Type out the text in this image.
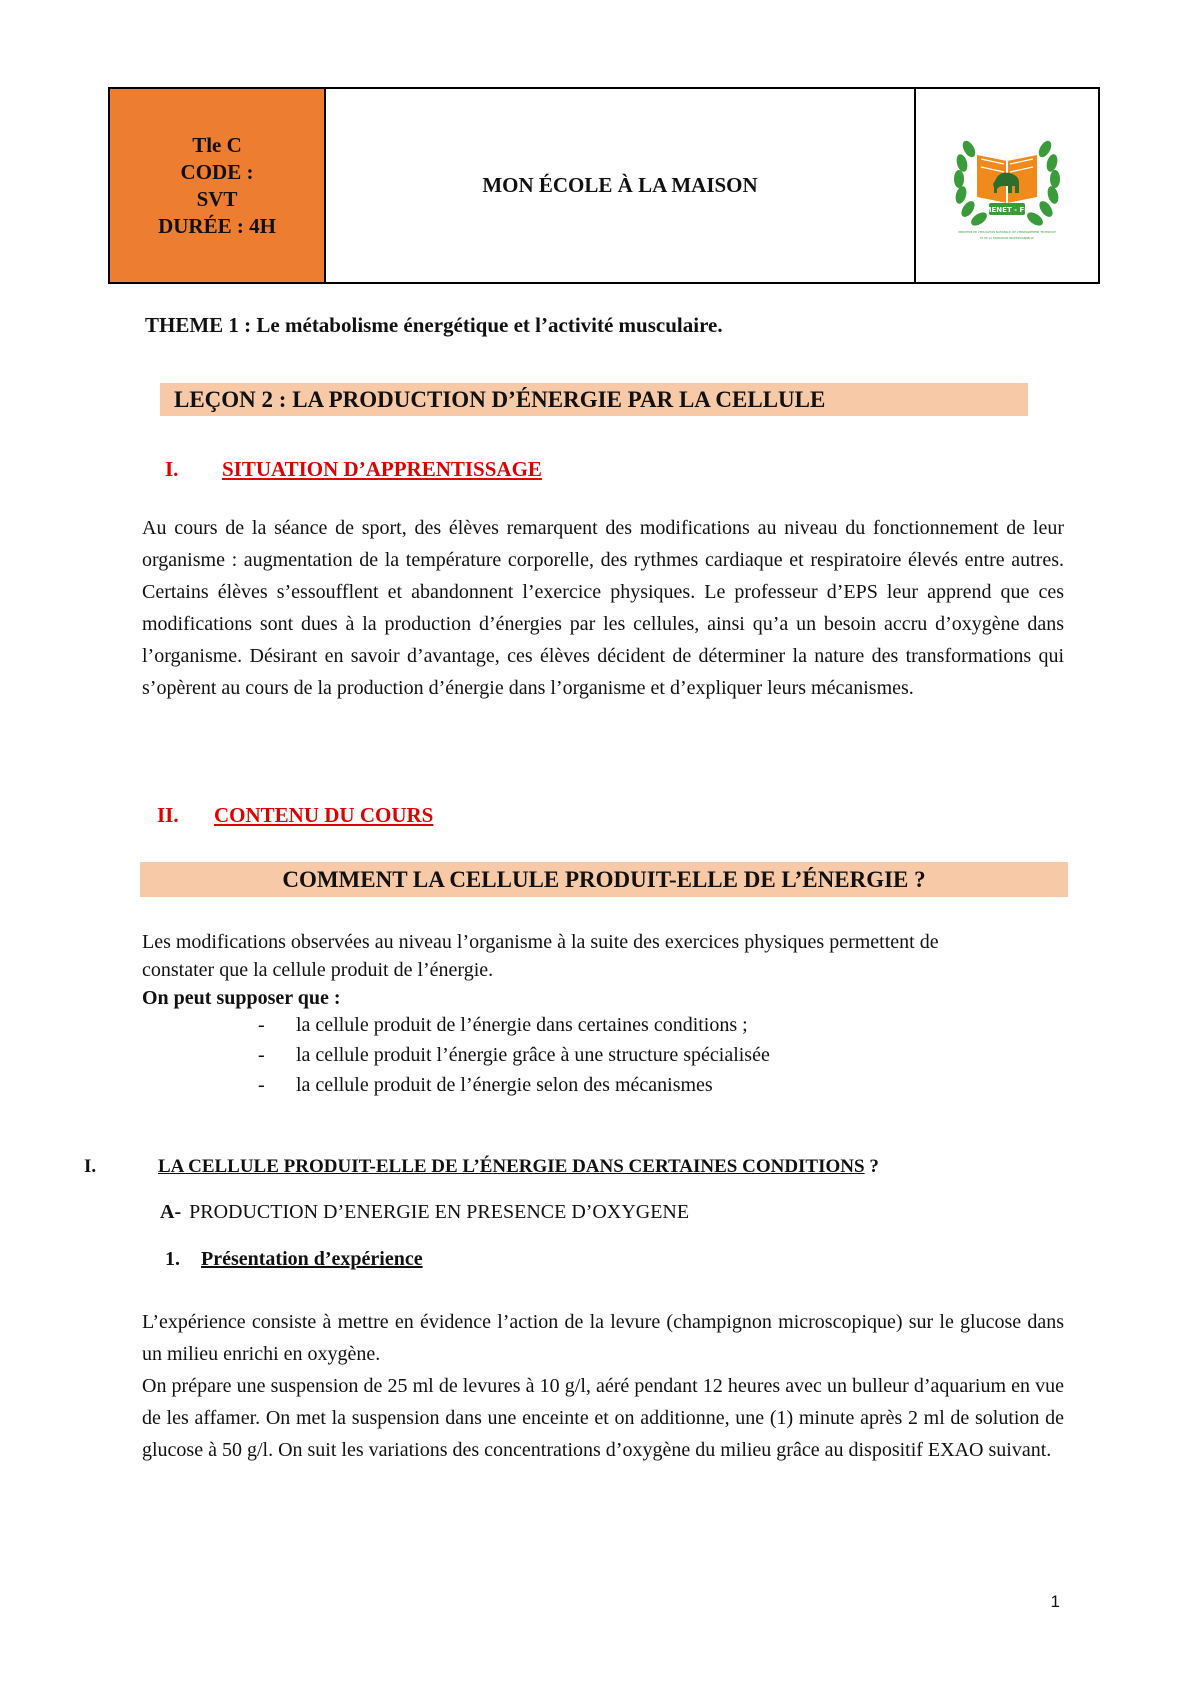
Tle C
CODE :
SVT
DURÉE : 4H
MON ÉCOLE À LA MAISON
MENET - FP
MINISTERE DE L'EDUCATION NATIONALE, DE L'ENSEIGNEMENT TECHNIQUE
ET DE LA FORMATION PROFESSIONNELLE
THEME 1 : Le métabolisme énergétique et l’activité musculaire.
LEÇON 2 : LA PRODUCTION D’ÉNERGIE PAR LA CELLULE
I. SITUATION D’APPRENTISSAGE
Au cours de la séance de sport, des élèves remarquent des modifications au niveau du fonctionnement de leur organisme : augmentation de la température corporelle, des rythmes cardiaque et respiratoire élevés entre autres. Certains élèves s’essoufflent et abandonnent l’exercice physiques. Le professeur d’EPS leur apprend que ces modifications sont dues à la production d’énergies par les cellules, ainsi qu’a un besoin accru d’oxygène dans l’organisme. Désirant en savoir d’avantage, ces élèves décident de déterminer la nature des transformations qui s’opèrent au cours de la production d’énergie dans l’organisme et d’expliquer leurs mécanismes.
II. CONTENU DU COURS
COMMENT LA CELLULE PRODUIT-ELLE DE L’ÉNERGIE ?
Les modifications observées au niveau l’organisme à la suite des exercices physiques permettent de constater que la cellule produit de l’énergie.
On peut supposer que :
-	la cellule produit de l’énergie dans certaines conditions ;
-	la cellule produit l’énergie grâce à une structure spécialisée
-	la cellule produit de l’énergie selon des mécanismes
I.	LA CELLULE PRODUIT-ELLE DE L’ÉNERGIE DANS CERTAINES CONDITIONS ?
A- PRODUCTION D’ENERGIE EN PRESENCE D’OXYGENE
1. Présentation d’expérience
L’expérience consiste à mettre en évidence l’action de la levure (champignon microscopique) sur le glucose dans un milieu enrichi en oxygène.
On prépare une suspension de 25 ml de levures à 10 g/l, aéré pendant 12 heures avec un bulleur d’aquarium en vue de les affamer. On met la suspension dans une enceinte et on additionne, une (1) minute après 2 ml de solution de glucose à 50 g/l. On suit les variations des concentrations d’oxygène du milieu grâce au dispositif EXAO suivant.
1
